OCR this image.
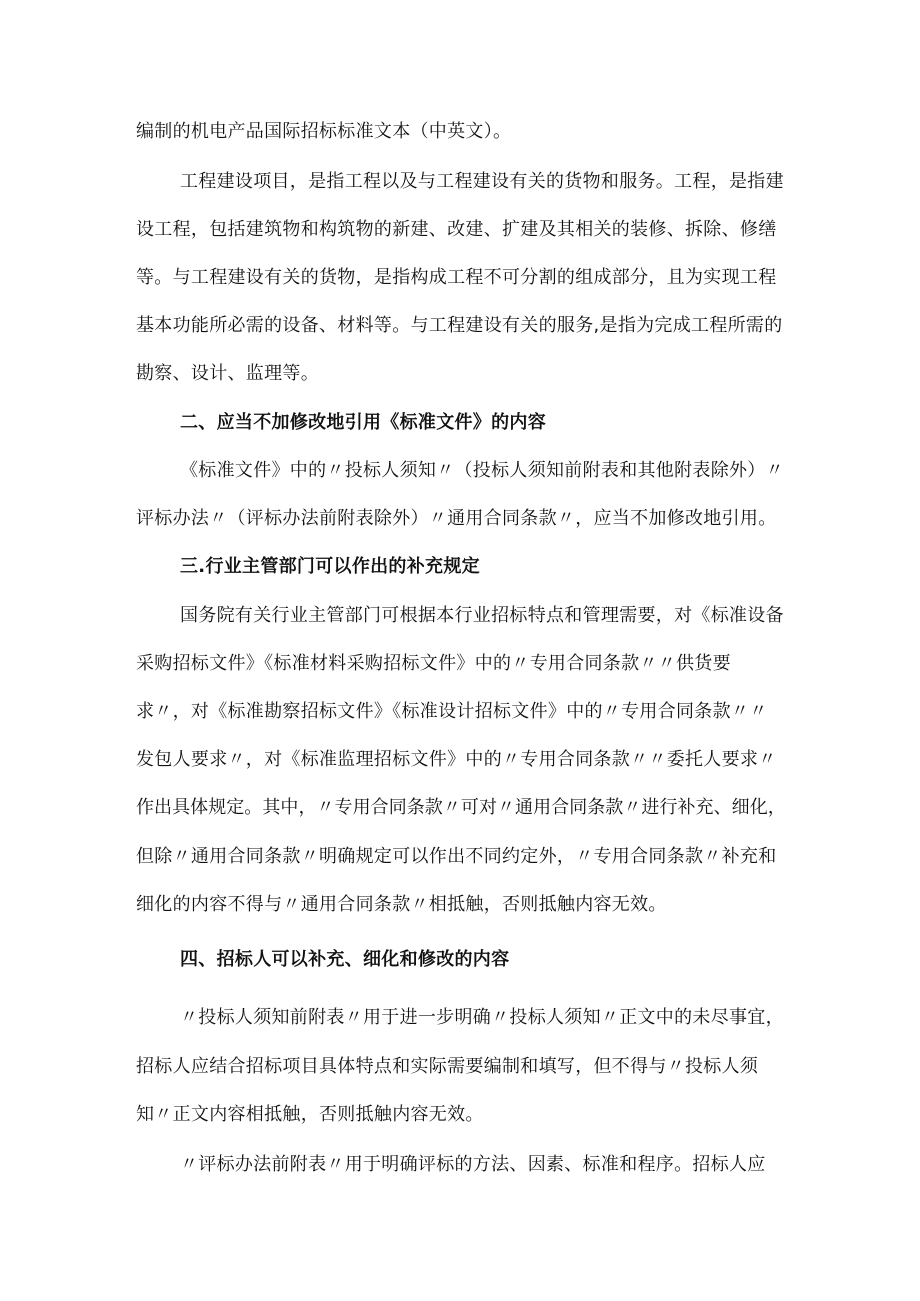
编制的机电产品国际招标标准文本（中英文）。
工程建设项目，是指工程以及与工程建设有关的货物和服务。工程，是指建
设工程，包括建筑物和构筑物的新建、改建、扩建及其相关的装修、拆除、修缮
等。与工程建设有关的货物，是指构成工程不可分割的组成部分，且为实现工程
基本功能所必需的设备、材料等。与工程建设有关的服务,是指为完成工程所需的
勘察、设计、监理等。
二、应当不加修改地引用《标准文件》的内容
《标准文件》中的〃投标人须知〃（投标人须知前附表和其他附表除外）〃
评标办法〃（评标办法前附表除外）〃通用合同条款〃，应当不加修改地引用。
三.行业主管部门可以作出的补充规定
国务院有关行业主管部门可根据本行业招标特点和管理需要，对《标准设备
采购招标文件》《标准材料采购招标文件》中的〃专用合同条款〃〃供货要
求〃，对《标准勘察招标文件》《标准设计招标文件》中的〃专用合同条款〃〃
发包人要求〃，对《标准监理招标文件》中的〃专用合同条款〃〃委托人要求〃
作出具体规定。其中，〃专用合同条款〃可对〃通用合同条款〃进行补充、细化，
但除〃通用合同条款〃明确规定可以作出不同约定外，〃专用合同条款〃补充和
细化的内容不得与〃通用合同条款〃相抵触，否则抵触内容无效。
四、招标人可以补充、细化和修改的内容
〃投标人须知前附表〃用于进一步明确〃投标人须知〃正文中的未尽事宜，
招标人应结合招标项目具体特点和实际需要编制和填写，但不得与〃投标人须
知〃正文内容相抵触，否则抵触内容无效。
〃评标办法前附表〃用于明确评标的方法、因素、标准和程序。招标人应
